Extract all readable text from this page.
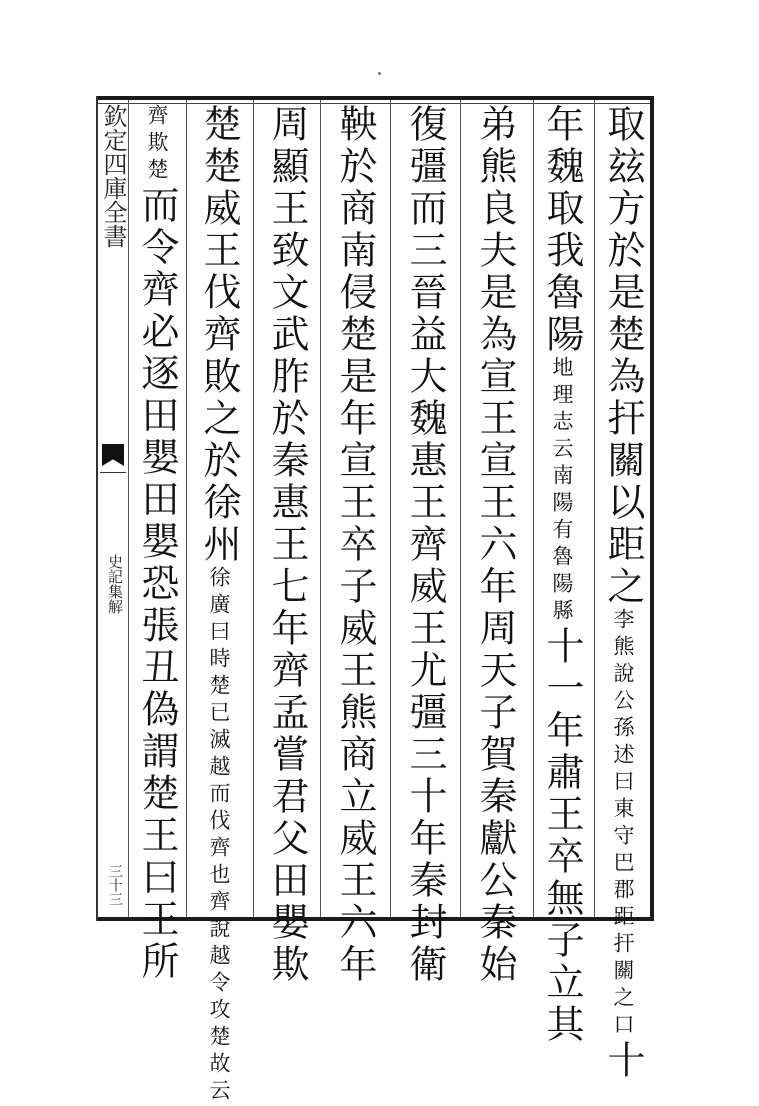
取玆方於是楚為扞關以距之李熊說公孫述曰東守巴郡距扞關之口十
年魏取我魯陽地理志云南陽有魯陽縣十一年肅王卒無子立其
弟熊良夫是為宣王宣王六年周天子賀秦獻公秦始
復彊而三晉益大魏惠王齊威王尤彊三十年秦封衛
鞅於商南侵楚是年宣王卒子威王熊商立威王六年
周顯王致文武胙於秦惠王七年齊孟嘗君父田嬰欺
楚楚威王伐齊敗之於徐州徐廣曰時楚已滅越而伐齊也齊說越令攻楚故云
齊欺楚而令齊必逐田嬰田嬰恐張丑偽謂楚王曰王所
欽定四庫全書
史記集解
三十三
